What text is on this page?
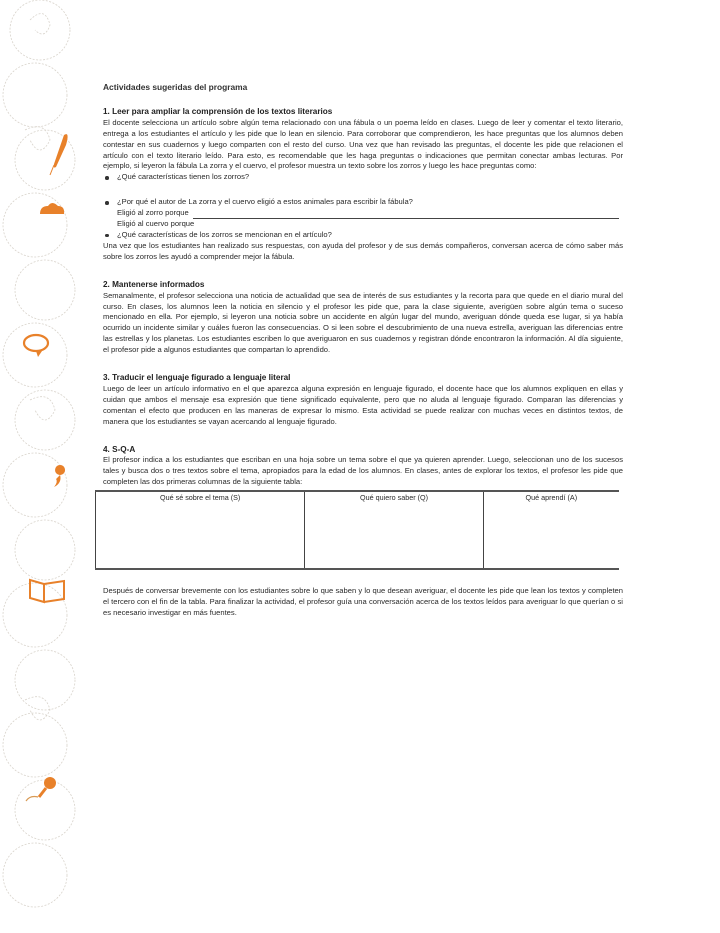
Actividades sugeridas del programa
1. Leer para ampliar la comprensión de los textos literarios

El docente selecciona un artículo sobre algún tema relacionado con una fábula o un poema leído en clases. Luego de leer y comentar el texto literario, entrega a los estudiantes el artículo y les pide que lo lean en silencio. Para corroborar que comprendieron, les hace preguntas que los alumnos deben contestar en sus cuadernos y luego comparten con el resto del curso. Una vez que han revisado las preguntas, el docente les pide que relacionen el artículo con el texto literario leído. Para esto, es recomendable que les haga preguntas o indicaciones que permitan conectar ambas lecturas. Por ejemplo, si leyeron la fábula La zorra y el cuervo, el profesor muestra un texto sobre los zorros y luego les hace preguntas como:

¿Qué características tienen los zorros?
¿Por qué el autor de La zorra y el cuervo eligió a estos animales para escribir la fábula?
Eligió al zorro porque
Eligió al cuervo porque
¿Qué características de los zorros se mencionan en el artículo?

Una vez que los estudiantes han realizado sus respuestas, con ayuda del profesor y de sus demás compañeros, conversan acerca de cómo saber más sobre los zorros les ayudó a comprender mejor la fábula.

2. Mantenerse informados

Semanalmente, el profesor selecciona una noticia de actualidad que sea de interés de sus estudiantes y la recorta para que quede en el diario mural del curso. En clases, los alumnos leen la noticia en silencio y el profesor les pide que, para la clase siguiente, averigüen sobre algún tema o suceso mencionado en ella. Por ejemplo, si leyeron una noticia sobre un accidente en algún lugar del mundo, averiguan dónde queda ese lugar, si ya había ocurrido un incidente similar y cuáles fueron las consecuencias. O si leen sobre el descubrimiento de una nueva estrella, averiguan las diferencias entre las estrellas y los planetas. Los estudiantes escriben lo que averiguaron en sus cuadernos y registran dónde encontraron la información. Al día siguiente, el profesor pide a algunos estudiantes que compartan lo aprendido.

3. Traducir el lenguaje figurado a lenguaje literal

Luego de leer un artículo informativo en el que aparezca alguna expresión en lenguaje figurado, el docente hace que los alumnos expliquen en ellas y cuidan que ambos el mensaje esa expresión que tiene significado equivalente, pero que no aluda al lenguaje figurado. Comparan las diferencias y comentan el efecto que producen en las maneras de expresar lo mismo. Esta actividad se puede realizar con muchas veces en distintos textos, de manera que los estudiantes se vayan acercando al lenguaje figurado.

4. S-Q-A

El profesor indica a los estudiantes que escriban en una hoja sobre un tema sobre el que ya quieren aprender. Luego, seleccionan uno de los sucesos tales y busca dos o tres textos sobre el tema, apropiados para la edad de los alumnos. En clases, antes de explorar los textos, el profesor les pide que completen las dos primeras columnas de la siguiente tabla:

Qué sé sobre el tema (S)	Qué quiero saber (Q)	Qué aprendí (A)

Después de conversar brevemente con los estudiantes sobre lo que saben y lo que desean averiguar, el docente les pide que lean los textos y completen el tercero con el fin de la tabla. Para finalizar la actividad, el profesor guía una conversación acerca de los textos leídos para averiguar lo que querían o si es necesario investigar en más fuentes.
